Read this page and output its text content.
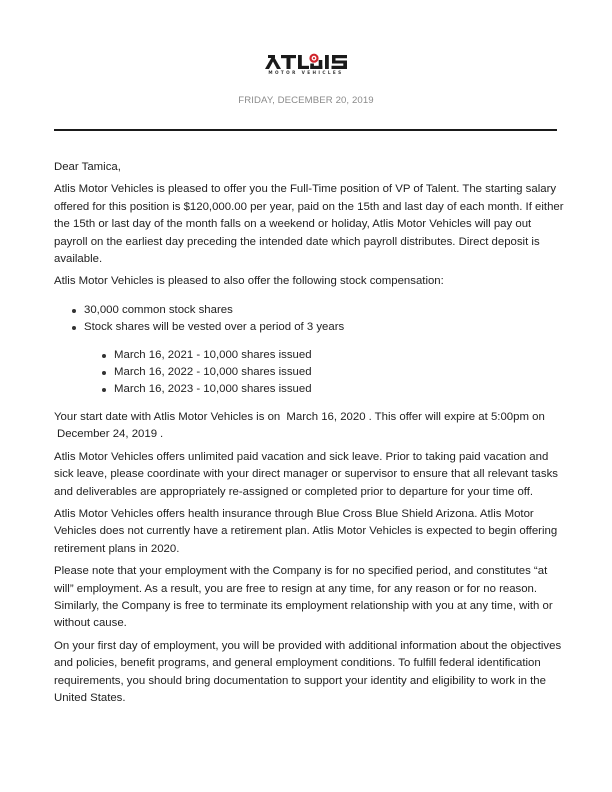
MOTOR VEHICLES
FRIDAY, DECEMBER 20, 2019

Dear Tamica,

Atlis Motor Vehicles is pleased to offer you the Full-Time position of VP of Talent. The starting salary offered for this position is $120,000.00 per year, paid on the 15th and last day of each month. If either the 15th or last day of the month falls on a weekend or holiday, Atlis Motor Vehicles will pay out payroll on the earliest day preceding the intended date which payroll distributes. Direct deposit is available.

Atlis Motor Vehicles is pleased to also offer the following stock compensation:

30,000 common stock shares
Stock shares will be vested over a period of 3 years
March 16, 2021 - 10,000 shares issued
March 16, 2022 - 10,000 shares issued
March 16, 2023 - 10,000 shares issued

Your start date with Atlis Motor Vehicles is on March 16, 2020 . This offer will expire at 5:00pm on December 24, 2019 .

Atlis Motor Vehicles offers unlimited paid vacation and sick leave. Prior to taking paid vacation and sick leave, please coordinate with your direct manager or supervisor to ensure that all relevant tasks and deliverables are appropriately re-assigned or completed prior to departure for your time off.

Atlis Motor Vehicles offers health insurance through Blue Cross Blue Shield Arizona. Atlis Motor Vehicles does not currently have a retirement plan. Atlis Motor Vehicles is expected to begin offering retirement plans in 2020.

Please note that your employment with the Company is for no specified period, and constitutes “at will” employment. As a result, you are free to resign at any time, for any reason or for no reason. Similarly, the Company is free to terminate its employment relationship with you at any time, with or without cause.

On your first day of employment, you will be provided with additional information about the objectives and policies, benefit programs, and general employment conditions. To fulfill federal identification requirements, you should bring documentation to support your identity and eligibility to work in the United States.
